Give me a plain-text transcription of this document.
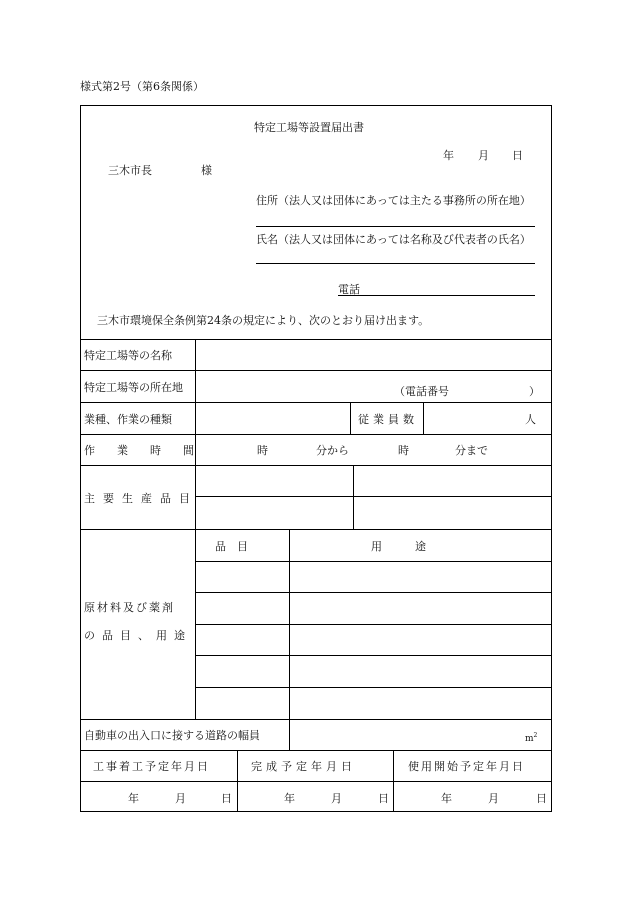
様式第2号（第6条関係）
特定工場等設置届出書
年 月 日
三木市長	様
住所（法人又は団体にあっては主たる事務所の所在地）
氏名（法人又は団体にあっては名称及び代表者の氏名）
電話
三木市環境保全条例第24条の規定により、次のとおり届け出ます。
特定工場等の名称
特定工場等の所在地	（電話番号	）
業種、作業の種類	従業員数	人
作業時間	時	分から	時	分まで
主要生産品目
原材料及び薬剤
の品目、用途
品　目	用　　　途
自動車の出入口に接する道路の幅員	$m^2$
工事着工予定年月日	完成予定年月日	使用開始予定年月日
年	月	日	年	月	日	年	月	日
